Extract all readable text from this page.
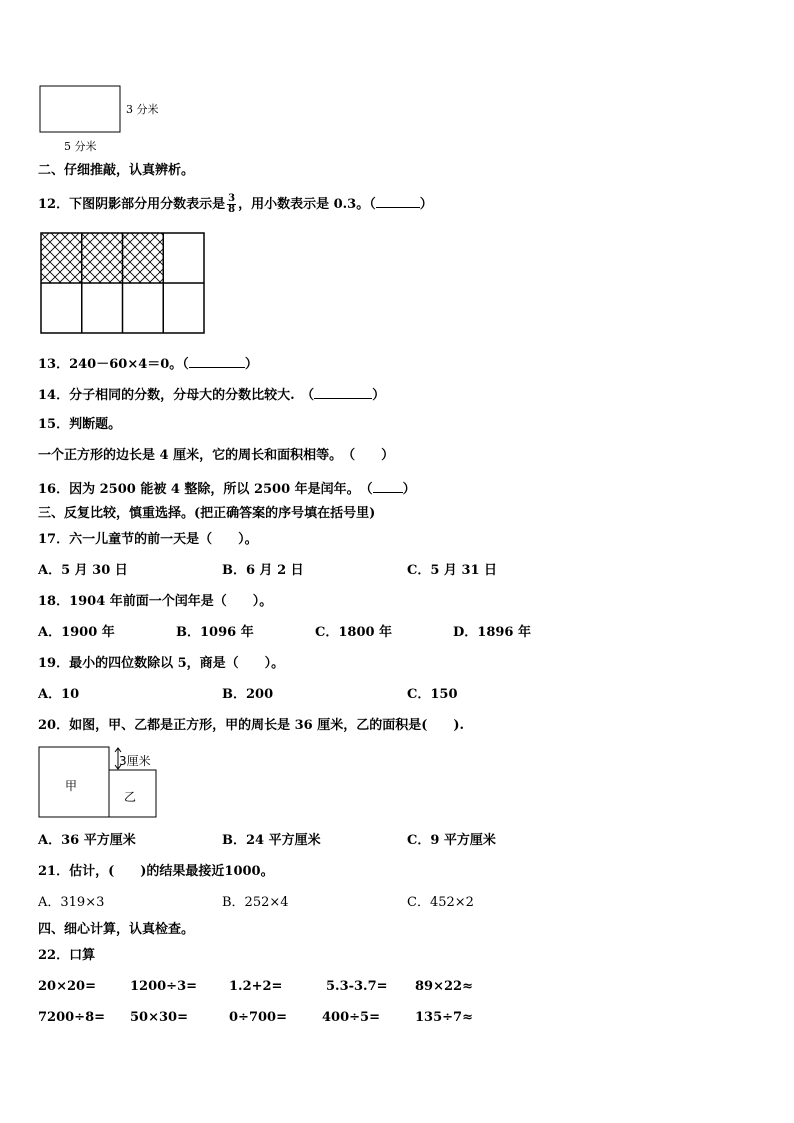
3 分米
5 分米
二、仔细推敲，认真辨析。
12．下图阴影部分用分数表示是 $\frac{3}{8}$ ，用小数表示是 0.3。（	）
13．240－60×4＝0。（	）
14．分子相同的分数，分母大的分数比较大.　（	）
15．判断题。
一个正方形的边长是 4 厘米，它的周长和面积相等。　（　　）
16．因为 2500 能被 4 整除，所以 2500 年是闰年。　（ ）
三、反复比较，慎重选择。(把正确答案的序号填在括号里)
17．六一儿童节的前一天是（　　）。
A．5 月 30 日	B．6 月 2 日	C．5 月 31 日
18．1904 年前面一个闰年是（　　）。
A．1900 年	B．1096 年	C．1800 年	D．1896 年
19．最小的四位数除以 5，商是（　　）。
A．10	B．200	C．150
20．如图，甲、乙都是正方形，甲的周长是 36 厘米，乙的面积是(　　).
甲
乙
3厘米
A．36 平方厘米	B．24 平方厘米	C．9 平方厘米
21．估计，(　　)的结果最接近1000。
A．319×3	B．252×4	C．452×2
四、细心计算，认真检查。
22．口算
20×20=	1200÷3= 1.2+2=	5.3-3.7= 89×22≈
7200÷8= 50×30=	0÷700=	400÷5=	135÷7≈
